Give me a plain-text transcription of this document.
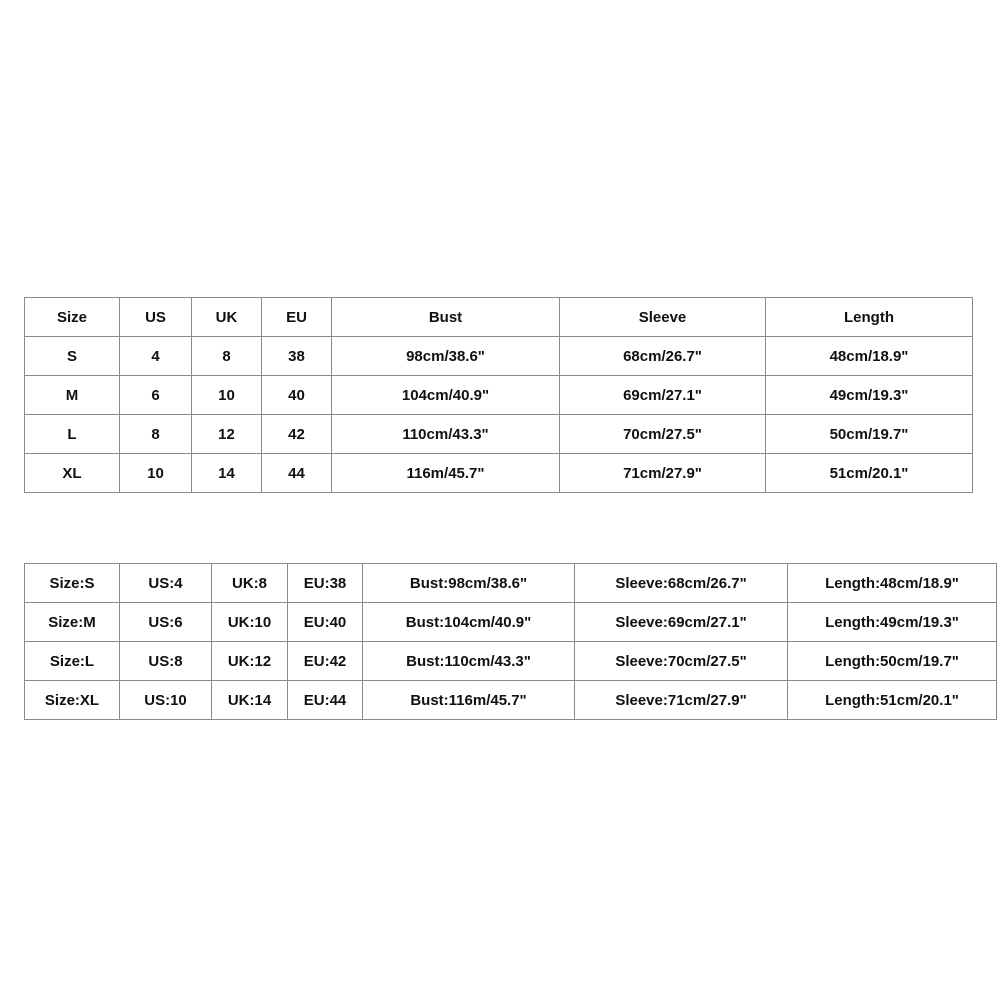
Size	US	UK	EU	Bust	Sleeve	Length
S	4	8	38	98cm/38.6"	68cm/26.7"	48cm/18.9"
M	6	10	40	104cm/40.9"	69cm/27.1"	49cm/19.3"
L	8	12	42	110cm/43.3"	70cm/27.5"	50cm/19.7"
XL	10	14	44	116m/45.7"	71cm/27.9"	51cm/20.1"
Size:S	US:4	UK:8	EU:38	Bust:98cm/38.6"	Sleeve:68cm/26.7"	Length:48cm/18.9"
Size:M	US:6	UK:10	EU:40	Bust:104cm/40.9"	Sleeve:69cm/27.1"	Length:49cm/19.3"
Size:L	US:8	UK:12	EU:42	Bust:110cm/43.3"	Sleeve:70cm/27.5"	Length:50cm/19.7"
Size:XL	US:10	UK:14	EU:44	Bust:116m/45.7"	Sleeve:71cm/27.9"	Length:51cm/20.1"
